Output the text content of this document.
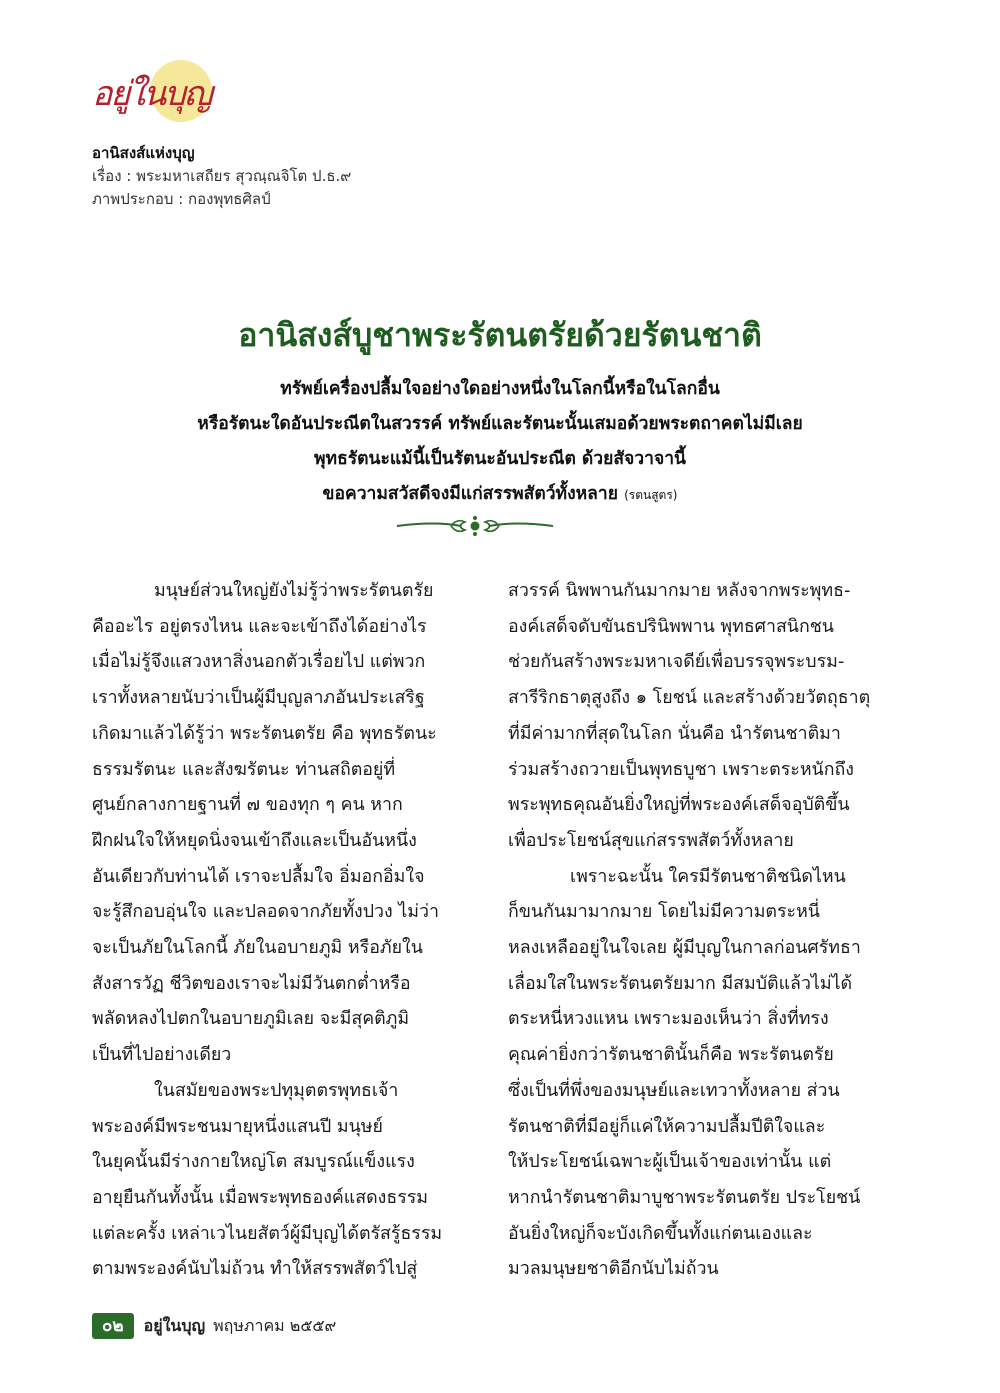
อยู่ในบุญ
อานิสงส์แห่งบุญ
เรื่อง : พระมหาเสถียร สุวณฺณจิโต ป.ธ.๙
ภาพประกอบ : กองพุทธศิลป์
อานิสงส์บูชาพระรัตนตรัยด้วยรัตนชาติ
ทรัพย์เครื่องปลื้มใจอย่างใดอย่างหนึ่งในโลกนี้หรือในโลกอื่น
หรือรัตนะใดอันประณีตในสวรรค์ ทรัพย์และรัตนะนั้นเสมอด้วยพระตถาคตไม่มีเลย
พุทธรัตนะแม้นี้เป็นรัตนะอันประณีต ด้วยสัจวาจานี้
ขอความสวัสดีจงมีแก่สรรพสัตว์ทั้งหลาย (รตนสูตร)
มนุษย์ส่วนใหญ่ยังไม่รู้ว่าพระรัตนตรัย
คืออะไร อยู่ตรงไหน และจะเข้าถึงได้อย่างไร
เมื่อไม่รู้จึงแสวงหาสิ่งนอกตัวเรื่อยไป แต่พวก
เราทั้งหลายนับว่าเป็นผู้มีบุญลาภอันประเสริฐ
เกิดมาแล้วได้รู้ว่า พระรัตนตรัย คือ พุทธรัตนะ
ธรรมรัตนะ และสังฆรัตนะ ท่านสถิตอยู่ที่
ศูนย์กลางกายฐานที่ ๗ ของทุก ๆ คน หาก
ฝึกฝนใจให้หยุดนิ่งจนเข้าถึงและเป็นอันหนึ่ง
อันเดียวกับท่านได้ เราจะปลื้มใจ อิ่มอกอิ่มใจ
จะรู้สึกอบอุ่นใจ และปลอดจากภัยทั้งปวง ไม่ว่า
จะเป็นภัยในโลกนี้ ภัยในอบายภูมิ หรือภัยใน
สังสารวัฏ ชีวิตของเราจะไม่มีวันตกต่ำหรือ
พลัดหลงไปตกในอบายภูมิเลย จะมีสุคติภูมิ
เป็นที่ไปอย่างเดียว
ในสมัยของพระปทุมุตตรพุทธเจ้า
พระองค์มีพระชนมายุหนึ่งแสนปี มนุษย์
ในยุคนั้นมีร่างกายใหญ่โต สมบูรณ์แข็งแรง
อายุยืนกันทั้งนั้น เมื่อพระพุทธองค์แสดงธรรม
แต่ละครั้ง เหล่าเวไนยสัตว์ผู้มีบุญได้ตรัสรู้ธรรม
ตามพระองค์นับไม่ถ้วน ทำให้สรรพสัตว์ไปสู่
สวรรค์ นิพพานกันมากมาย หลังจากพระพุทธ-
องค์เสด็จดับขันธปรินิพพาน พุทธศาสนิกชน
ช่วยกันสร้างพระมหาเจดีย์เพื่อบรรจุพระบรม-
สารีริกธาตุสูงถึง ๑ โยชน์ และสร้างด้วยวัตถุธาตุ
ที่มีค่ามากที่สุดในโลก นั่นคือ นำรัตนชาติมา
ร่วมสร้างถวายเป็นพุทธบูชา เพราะตระหนักถึง
พระพุทธคุณอันยิ่งใหญ่ที่พระองค์เสด็จอุบัติขึ้น
เพื่อประโยชน์สุขแก่สรรพสัตว์ทั้งหลาย
เพราะฉะนั้น ใครมีรัตนชาติชนิดไหน
ก็ขนกันมามากมาย โดยไม่มีความตระหนี่
หลงเหลืออยู่ในใจเลย ผู้มีบุญในกาลก่อนศรัทธา
เลื่อมใสในพระรัตนตรัยมาก มีสมบัติแล้วไม่ได้
ตระหนี่หวงแหน เพราะมองเห็นว่า สิ่งที่ทรง
คุณค่ายิ่งกว่ารัตนชาตินั้นก็คือ พระรัตนตรัย
ซึ่งเป็นที่พึ่งของมนุษย์และเทวาทั้งหลาย ส่วน
รัตนชาติที่มีอยู่ก็แค่ให้ความปลื้มปีติใจและ
ให้ประโยชน์เฉพาะผู้เป็นเจ้าของเท่านั้น แต่
หากนำรัตนชาติมาบูชาพระรัตนตรัย ประโยชน์
อันยิ่งใหญ่ก็จะบังเกิดขึ้นทั้งแก่ตนเองและ
มวลมนุษยชาติอีกนับไม่ถ้วน
๐๒	อยู่ในบุญ พฤษภาคม ๒๕๕๙
